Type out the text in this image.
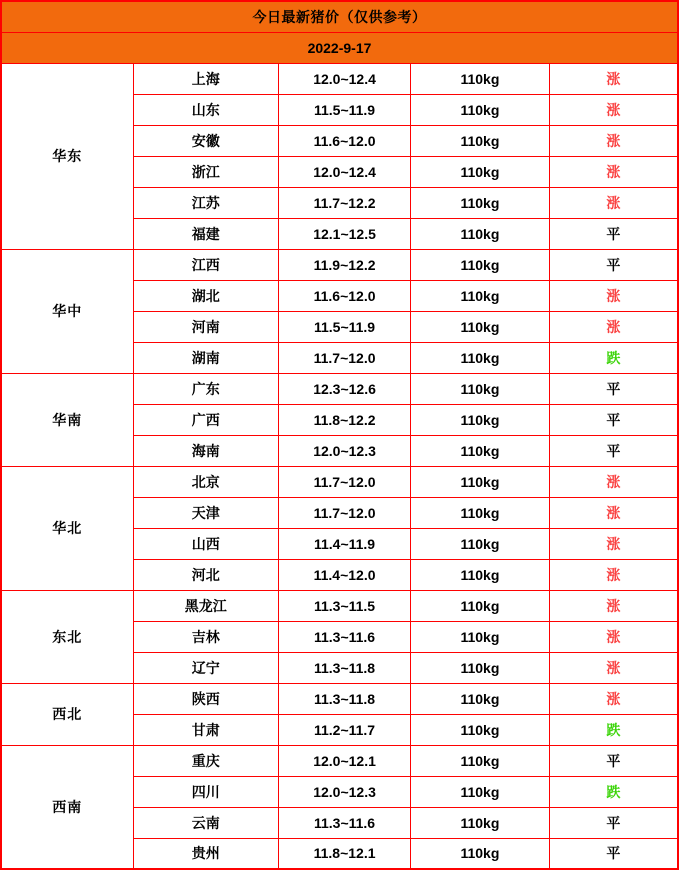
今日最新猪价（仅供参考）				
2022-9-17				
华东	上海	12.0~12.4	110kg	涨
	山东	11.5~11.9	110kg	涨
	安徽	11.6~12.0	110kg	涨
	浙江	12.0~12.4	110kg	涨
	江苏	11.7~12.2	110kg	涨
	福建	12.1~12.5	110kg	平
华中	江西	11.9~12.2	110kg	平
	湖北	11.6~12.0	110kg	涨
	河南	11.5~11.9	110kg	涨
	湖南	11.7~12.0	110kg	跌
华南	广东	12.3~12.6	110kg	平
	广西	11.8~12.2	110kg	平
	海南	12.0~12.3	110kg	平
华北	北京	11.7~12.0	110kg	涨
	天津	11.7~12.0	110kg	涨
	山西	11.4~11.9	110kg	涨
	河北	11.4~12.0	110kg	涨
东北	黑龙江	11.3~11.5	110kg	涨
	吉林	11.3~11.6	110kg	涨
	辽宁	11.3~11.8	110kg	涨
西北	陕西	11.3~11.8	110kg	涨
	甘肃	11.2~11.7	110kg	跌
西南	重庆	12.0~12.1	110kg	平
	四川	12.0~12.3	110kg	跌
	云南	11.3~11.6	110kg	平
	贵州	11.8~12.1	110kg	平
